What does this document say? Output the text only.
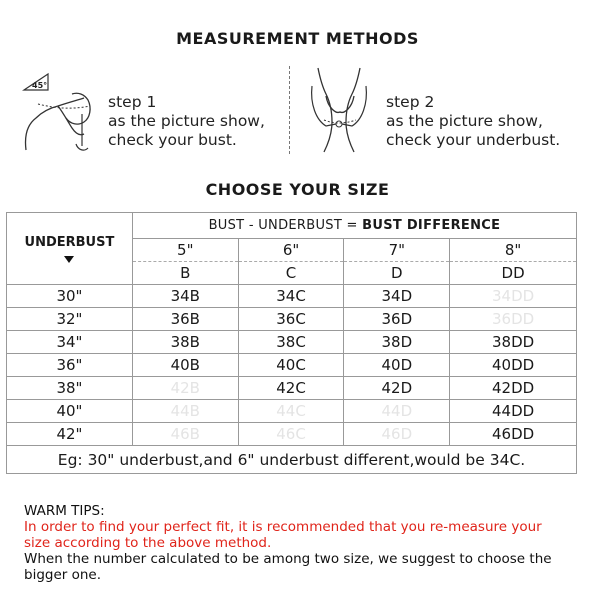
MEASUREMENT METHODS
45°
step 1
as the picture show,
check your bust.
step 2
as the picture show,
check your underbust.
CHOOSE YOUR SIZE
UNDERBUST	BUST - UNDERBUST = BUST DIFFERENCE			
	5"	6"	7"	8"
	B	C	D	DD
30"	34B	34C	34D	34DD
32"	36B	36C	36D	36DD
34"	38B	38C	38D	38DD
36"	40B	40C	40D	40DD
38"	42B	42C	42D	42DD
40"	44B	44C	44D	44DD
42"	46B	46C	46D	46DD
Eg: 30" underbust,and 6" underbust different,would be 34C.				
WARM TIPS:
In order to find your perfect fit, it is recommended that you re-measure your size according to the above method.
When the number calculated to be among two size, we suggest to choose the bigger one.
